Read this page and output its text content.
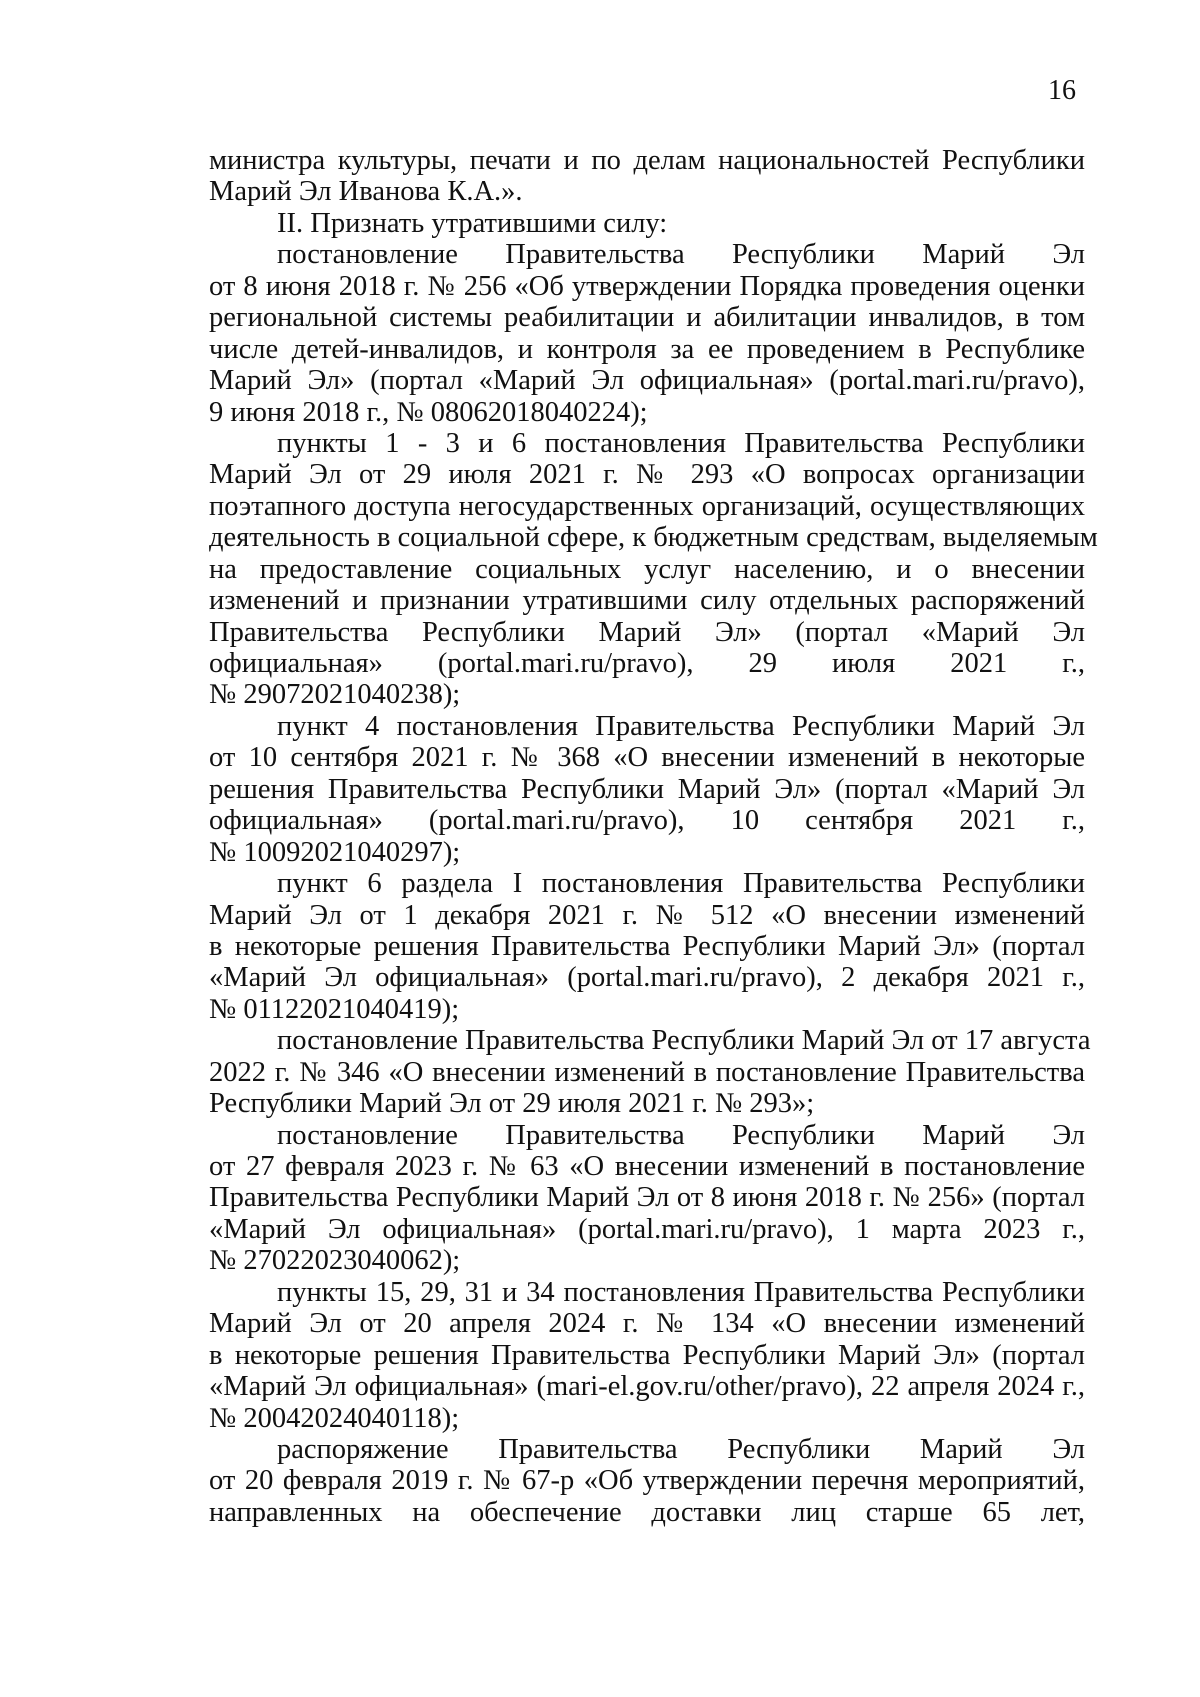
16
министра культуры, печати и по делам национальностей Республики
Марий Эл Иванова К.А.».
II. Признать утратившими силу:
постановление Правительства Республики Марий Эл
от 8 июня 2018 г. № 256 «Об утверждении Порядка проведения оценки
региональной системы реабилитации и абилитации инвалидов, в том
числе детей-инвалидов, и контроля за ее проведением в Республике
Марий Эл» (портал «Марий Эл официальная» (portal.mari.ru/pravo),
9 июня 2018 г., № 08062018040224);
пункты 1 - 3 и 6 постановления Правительства Республики
Марий Эл от 29 июля 2021 г. № 293 «О вопросах организации
поэтапного доступа негосударственных организаций, осуществляющих
деятельность в социальной сфере, к бюджетным средствам, выделяемым
на предоставление социальных услуг населению, и о внесении
изменений и признании утратившими силу отдельных распоряжений
Правительства Республики Марий Эл» (портал «Марий Эл
официальная» (portal.mari.ru/pravo), 29 июля 2021 г.,
№ 29072021040238);
пункт 4 постановления Правительства Республики Марий Эл
от 10 сентября 2021 г. № 368 «О внесении изменений в некоторые
решения Правительства Республики Марий Эл» (портал «Марий Эл
официальная» (portal.mari.ru/pravo), 10 сентября 2021 г.,
№ 10092021040297);
пункт 6 раздела I постановления Правительства Республики
Марий Эл от 1 декабря 2021 г. № 512 «О внесении изменений
в некоторые решения Правительства Республики Марий Эл» (портал
«Марий Эл официальная» (portal.mari.ru/pravo), 2 декабря 2021 г.,
№ 01122021040419);
постановление Правительства Республики Марий Эл от 17 августа
2022 г. № 346 «О внесении изменений в постановление Правительства
Республики Марий Эл от 29 июля 2021 г. № 293»;
постановление Правительства Республики Марий Эл
от 27 февраля 2023 г. № 63 «О внесении изменений в постановление
Правительства Республики Марий Эл от 8 июня 2018 г. № 256» (портал
«Марий Эл официальная» (portal.mari.ru/pravo), 1 марта 2023 г.,
№ 27022023040062);
пункты 15, 29, 31 и 34 постановления Правительства Республики
Марий Эл от 20 апреля 2024 г. № 134 «О внесении изменений
в некоторые решения Правительства Республики Марий Эл» (портал
«Марий Эл официальная» (mari-el.gov.ru/other/pravo), 22 апреля 2024 г.,
№ 20042024040118);
распоряжение Правительства Республики Марий Эл
от 20 февраля 2019 г. № 67-р «Об утверждении перечня мероприятий,
направленных на обеспечение доставки лиц старше 65 лет,
